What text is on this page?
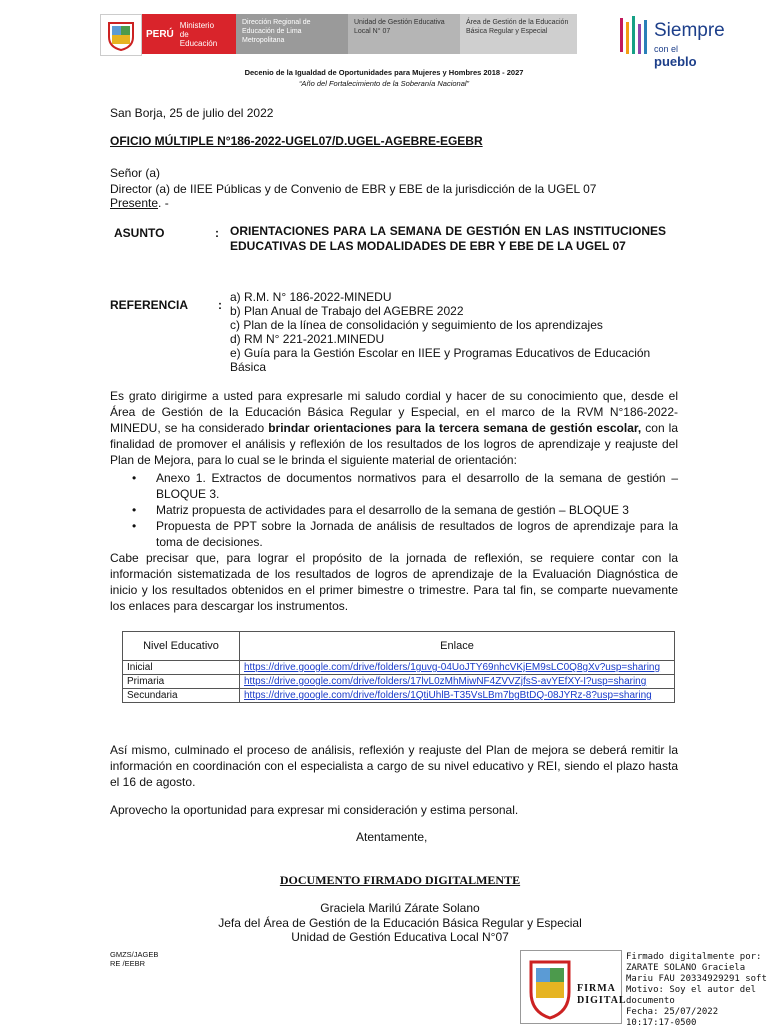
PERÚ
Ministerio de Educación
Dirección Regional de Educación de Lima Metropolitana
Unidad de Gestión Educativa Local N° 07
Área de Gestión de la Educación Básica Regular y Especial	Siempre
con el pueblo
Decenio de la Igualdad de Oportunidades para Mujeres y Hombres 2018 - 2027
“Año del Fortalecimiento de la Soberanía Nacional”
San Borja, 25 de julio del 2022
OFICIO MÚLTIPLE N°186-2022-UGEL07/D.UGEL-AGEBRE-EGEBR
Señor (a)
Director (a) de IIEE Públicas y de Convenio de EBR y EBE de la jurisdicción de la UGEL 07
Presente. -
ASUNTO	: ORIENTACIONES PARA LA SEMANA DE GESTIÓN EN LAS INSTITUCIONES EDUCATIVAS DE LAS MODALIDADES DE EBR Y EBE DE LA UGEL 07
REFERENCIA :
a) R.M. N° 186-2022-MINEDU
b) Plan Anual de Trabajo del AGEBRE 2022
c) Plan de la línea de consolidación y seguimiento de los aprendizajes
d) RM N° 221-2021.MINEDU
e) Guía para la Gestión Escolar en IIEE y Programas Educativos de Educación Básica
Es grato dirigirme a usted para expresarle mi saludo cordial y hacer de su conocimiento que, desde el Área de Gestión de la Educación Básica Regular y Especial, en el marco de la RVM N°186-2022-MINEDU, se ha considerado brindar orientaciones para la tercera semana de gestión escolar, con la finalidad de promover el análisis y reflexión de los resultados de los logros de aprendizaje y reajuste del Plan de Mejora, para lo cual se le brinda el siguiente material de orientación:
• Anexo 1. Extractos de documentos normativos para el desarrollo de la semana de gestión – BLOQUE 3.
• Matriz propuesta de actividades para el desarrollo de la semana de gestión – BLOQUE 3
• Propuesta de PPT sobre la Jornada de análisis de resultados de logros de aprendizaje para la toma de decisiones.
Cabe precisar que, para lograr el propósito de la jornada de reflexión, se requiere contar con la información sistematizada de los resultados de logros de aprendizaje de la Evaluación Diagnóstica de inicio y los resultados obtenidos en el primer bimestre o trimestre. Para tal fin, se comparte nuevamente los enlaces para descargar los instrumentos.
Nivel Educativo	Enlace
Inicial	https://drive.google.com/drive/folders/1guvg-04UoJTY69nhcVKjEM9sLC0Q8gXv?usp=sharing
Primaria	https://drive.google.com/drive/folders/17lvL0zMhMiwNF4ZVVZjfsS-avYEfXY-I?usp=sharing
Secundaria	https://drive.google.com/drive/folders/1QtiUhlB-T35VsLBm7bgBtDQ-08JYRz-8?usp=sharing
Así mismo, culminado el proceso de análisis, reflexión y reajuste del Plan de mejora se deberá remitir la información en coordinación con el especialista a cargo de su nivel educativo y REI, siendo el plazo hasta el 16 de agosto.
Aprovecho la oportunidad para expresar mi consideración y estima personal.
Atentamente,
DOCUMENTO FIRMADO DIGITALMENTE
Graciela Marilú Zárate Solano
Jefa del Área de Gestión de la Educación Básica Regular y Especial
Unidad de Gestión Educativa Local N°07
GMZS/JAGEB
RE /EEBR
FIRMA
DIGITAL
Firmado digitalmente por:
ZARATE SOLANO Graciela
Mariu FAU 20334929291 soft
Motivo: Soy el autor del
documento
Fecha: 25/07/2022 10:17:17-0500
